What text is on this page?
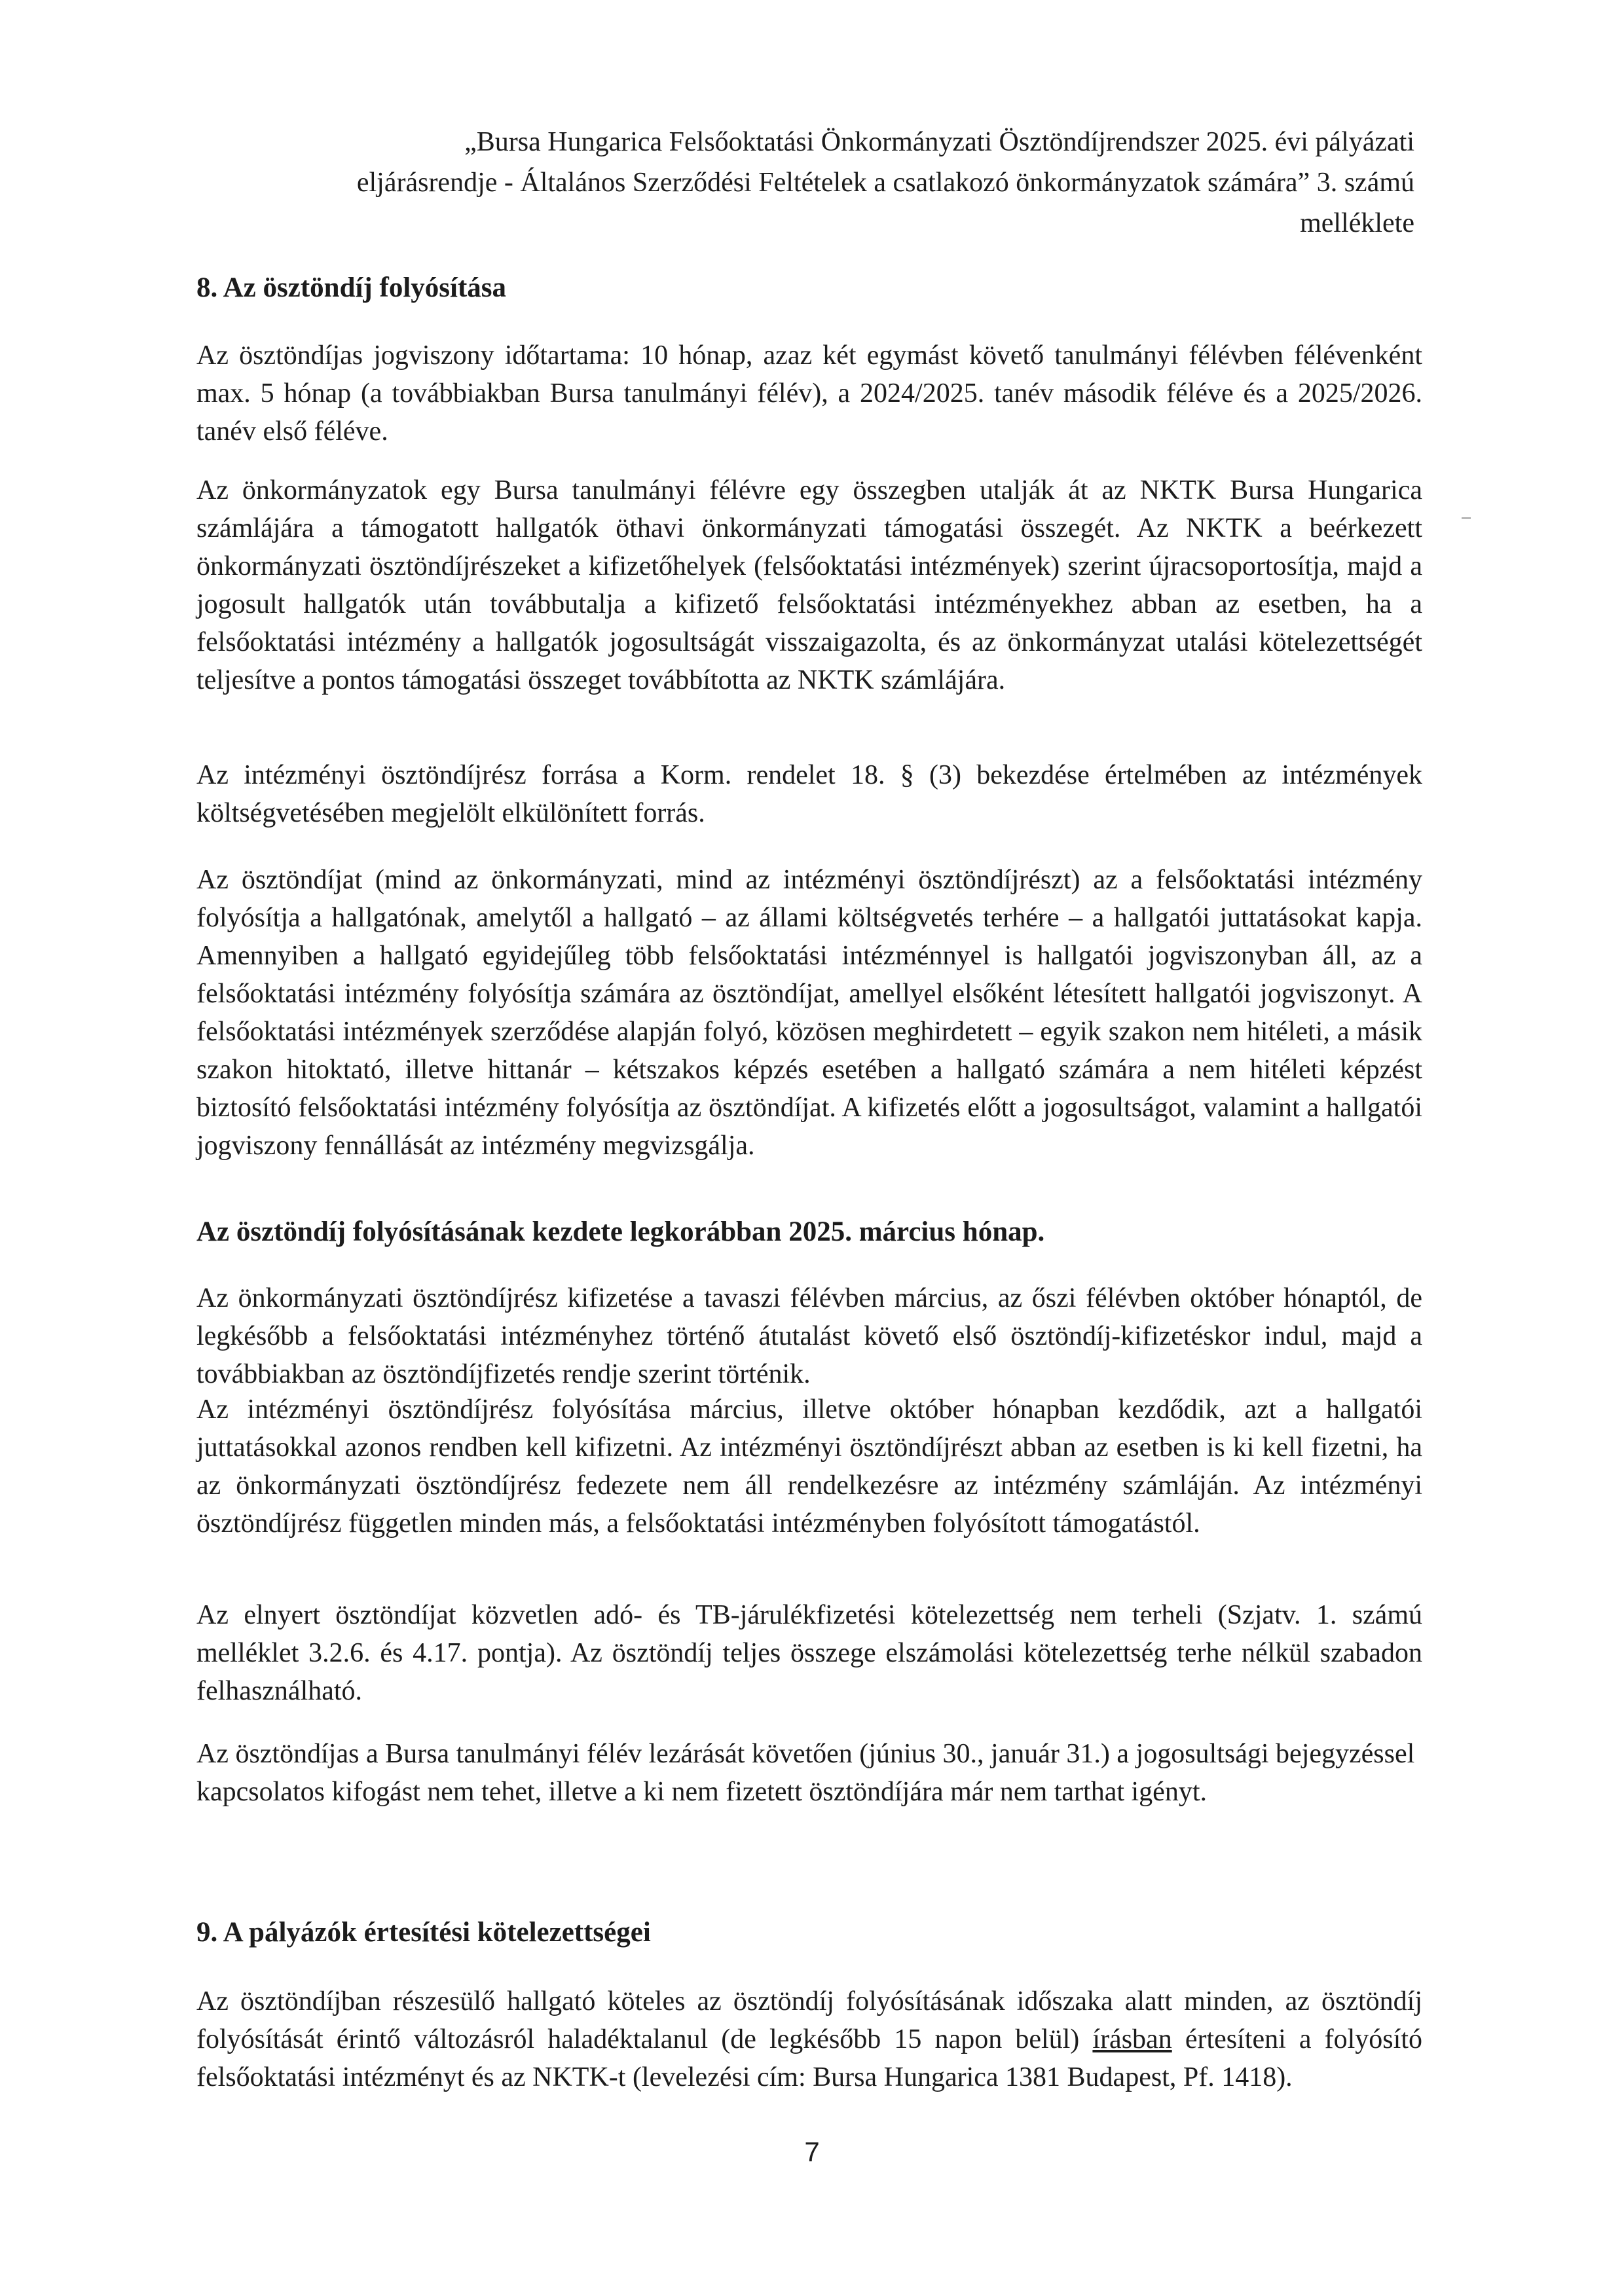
„Bursa Hungarica Felsőoktatási Önkormányzati Ösztöndíjrendszer 2025. évi pályázati
eljárásrendje - Általános Szerződési Feltételek a csatlakozó önkormányzatok számára” 3. számú
melléklete
8. Az ösztöndíj folyósítása

Az ösztöndíjas jogviszony időtartama: 10 hónap, azaz két egymást követő tanulmányi félévben félévenként max. 5 hónap (a továbbiakban Bursa tanulmányi félév), a 2024/2025. tanév második féléve és a 2025/2026. tanév első féléve.

Az önkormányzatok egy Bursa tanulmányi félévre egy összegben utalják át az NKTK Bursa Hungarica számlájára a támogatott hallgatók öthavi önkormányzati támogatási összegét. Az NKTK a beérkezett önkormányzati ösztöndíjrészeket a kifizetőhelyek (felsőoktatási intézmények) szerint újracsoportosítja, majd a jogosult hallgatók után továbbutalja a kifizető felsőoktatási intézményekhez abban az esetben, ha a felsőoktatási intézmény a hallgatók jogosultságát visszaigazolta, és az önkormányzat utalási kötelezettségét teljesítve a pontos támogatási összeget továbbította az NKTK számlájára.

Az intézményi ösztöndíjrész forrása a Korm. rendelet 18. § (3) bekezdése értelmében az intézmények költségvetésében megjelölt elkülönített forrás.

Az ösztöndíjat (mind az önkormányzati, mind az intézményi ösztöndíjrészt) az a felsőoktatási intézmény folyósítja a hallgatónak, amelytől a hallgató – az állami költségvetés terhére – a hallgatói juttatásokat kapja. Amennyiben a hallgató egyidejűleg több felsőoktatási intézménnyel is hallgatói jogviszonyban áll, az a felsőoktatási intézmény folyósítja számára az ösztöndíjat, amellyel elsőként létesített hallgatói jogviszonyt. A felsőoktatási intézmények szerződése alapján folyó, közösen meghirdetett – egyik szakon nem hitéleti, a másik szakon hitoktató, illetve hittanár – kétszakos képzés esetében a hallgató számára a nem hitéleti képzést biztosító felsőoktatási intézmény folyósítja az ösztöndíjat. A kifizetés előtt a jogosultságot, valamint a hallgatói jogviszony fennállását az intézmény megvizsgálja.

Az ösztöndíj folyósításának kezdete legkorábban 2025. március hónap.

Az önkormányzati ösztöndíjrész kifizetése a tavaszi félévben március, az őszi félévben október hónaptól, de legkésőbb a felsőoktatási intézményhez történő átutalást követő első ösztöndíj-kifizetéskor indul, majd a továbbiakban az ösztöndíjfizetés rendje szerint történik.

Az intézményi ösztöndíjrész folyósítása március, illetve október hónapban kezdődik, azt a hallgatói juttatásokkal azonos rendben kell kifizetni. Az intézményi ösztöndíjrészt abban az esetben is ki kell fizetni, ha az önkormányzati ösztöndíjrész fedezete nem áll rendelkezésre az intézmény számláján. Az intézményi ösztöndíjrész független minden más, a felsőoktatási intézményben folyósított támogatástól.

Az elnyert ösztöndíjat közvetlen adó- és TB-járulékfizetési kötelezettség nem terheli (Szjatv. 1. számú melléklet 3.2.6. és 4.17. pontja). Az ösztöndíj teljes összege elszámolási kötelezettség terhe nélkül szabadon felhasználható.

Az ösztöndíjas a Bursa tanulmányi félév lezárását követően (június 30., január 31.) a jogosultsági bejegyzéssel kapcsolatos kifogást nem tehet, illetve a ki nem fizetett ösztöndíjára már nem tarthat igényt.

9. A pályázók értesítési kötelezettségei

Az ösztöndíjban részesülő hallgató köteles az ösztöndíj folyósításának időszaka alatt minden, az ösztöndíj folyósítását érintő változásról haladéktalanul (de legkésőbb 15 napon belül) írásban értesíteni a folyósító felsőoktatási intézményt és az NKTK-t (levelezési cím: Bursa Hungarica 1381 Budapest, Pf. 1418).

7
